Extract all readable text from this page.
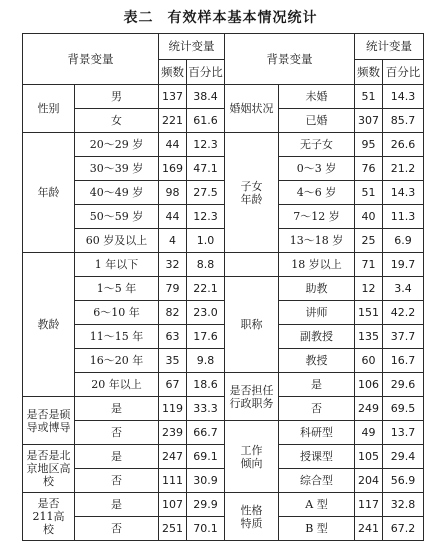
表二 有效样本基本情况统计
背景变量		统计变量		背景变量		统计变量	
		频数	百分比			频数	百分比
性别	男	137	38.4	婚姻状况	未婚	51	14.3
	女	221	61.6		已婚	307	85.7
年龄	20～29 岁	44	12.3	子女年龄	无子女	95	26.6
	30～39 岁	169	47.1		0～3 岁	76	21.2
	40～49 岁	98	27.5		4～6 岁	51	14.3
	50～59 岁	44	12.3		7～12 岁	40	11.3
	60 岁及以上	4	1.0		13～18 岁	25	6.9
教龄	1 年以下	32	8.8		18 岁以上	71	19.7
	1～5 年	79	22.1	职称	助教	12	3.4
	6～10 年	82	23.0		讲师	151	42.2
	11～15 年	63	17.6		副教授	135	37.7
	16～20 年	35	9.8		教授	60	16.7
	20 年以上	67	18.6	是否担任行政职务	是	106	29.6
是否是硕导或博导	是	119	33.3		否	249	69.5
	否	239	66.7	工作倾向	科研型	49	13.7
是否是北京地区高校	是	247	69.1		授课型	105	29.4
	否	111	30.9		综合型	204	56.9
是否211高校	是	107	29.9	性格特质	A 型	117	32.8
	否	251	70.1		B 型	241	67.2
